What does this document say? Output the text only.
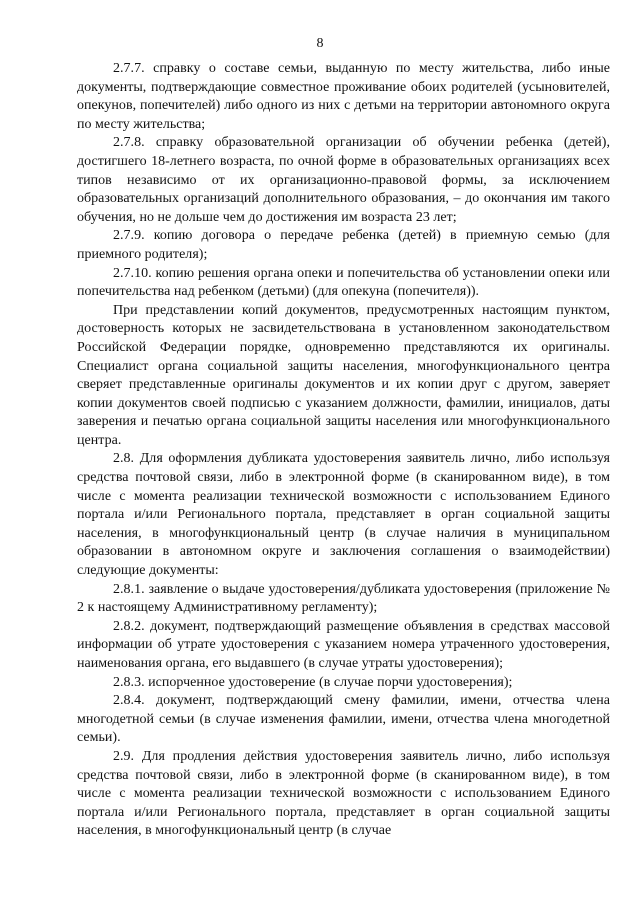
8

2.7.7. справку о составе семьи, выданную по месту жительства, либо иные документы, подтверждающие совместное проживание обоих родителей (усыновителей, опекунов, попечителей) либо одного из них с детьми на территории автономного округа по месту жительства;

2.7.8. справку образовательной организации об обучении ребенка (детей), достигшего 18-летнего возраста, по очной форме в образовательных организациях всех типов независимо от их организационно-правовой формы, за исключением образовательных организаций дополнительного образования, – до окончания им такого обучения, но не дольше чем до достижения им возраста 23 лет;

2.7.9. копию договора о передаче ребенка (детей) в приемную семью (для приемного родителя);

2.7.10. копию решения органа опеки и попечительства об установлении опеки или попечительства над ребенком (детьми) (для опекуна (попечителя)).

При представлении копий документов, предусмотренных настоящим пунктом, достоверность которых не засвидетельствована в установленном законодательством Российской Федерации порядке, одновременно представляются их оригиналы. Специалист органа социальной защиты населения, многофункционального центра сверяет представленные оригиналы документов и их копии друг с другом, заверяет копии документов своей подписью с указанием должности, фамилии, инициалов, даты заверения и печатью органа социальной защиты населения или многофункционального центра.

2.8. Для оформления дубликата удостоверения заявитель лично, либо используя средства почтовой связи, либо в электронной форме (в сканированном виде), в том числе с момента реализации технической возможности с использованием Единого портала и/или Регионального портала, представляет в орган социальной защиты населения, в многофункциональный центр (в случае наличия в муниципальном образовании в автономном округе и заключения соглашения о взаимодействии) следующие документы:

2.8.1. заявление о выдаче удостоверения/дубликата удостоверения (приложение № 2 к настоящему Административному регламенту);

2.8.2. документ, подтверждающий размещение объявления в средствах массовой информации об утрате удостоверения с указанием номера утраченного удостоверения, наименования органа, его выдавшего (в случае утраты удостоверения);

2.8.3. испорченное удостоверение (в случае порчи удостоверения);

2.8.4. документ, подтверждающий смену фамилии, имени, отчества члена многодетной семьи (в случае изменения фамилии, имени, отчества члена многодетной семьи).

2.9. Для продления действия удостоверения заявитель лично, либо используя средства почтовой связи, либо в электронной форме (в сканированном виде), в том числе с момента реализации технической возможности с использованием Единого портала и/или Регионального портала, представляет в орган социальной защиты населения, в многофункциональный центр (в случае
